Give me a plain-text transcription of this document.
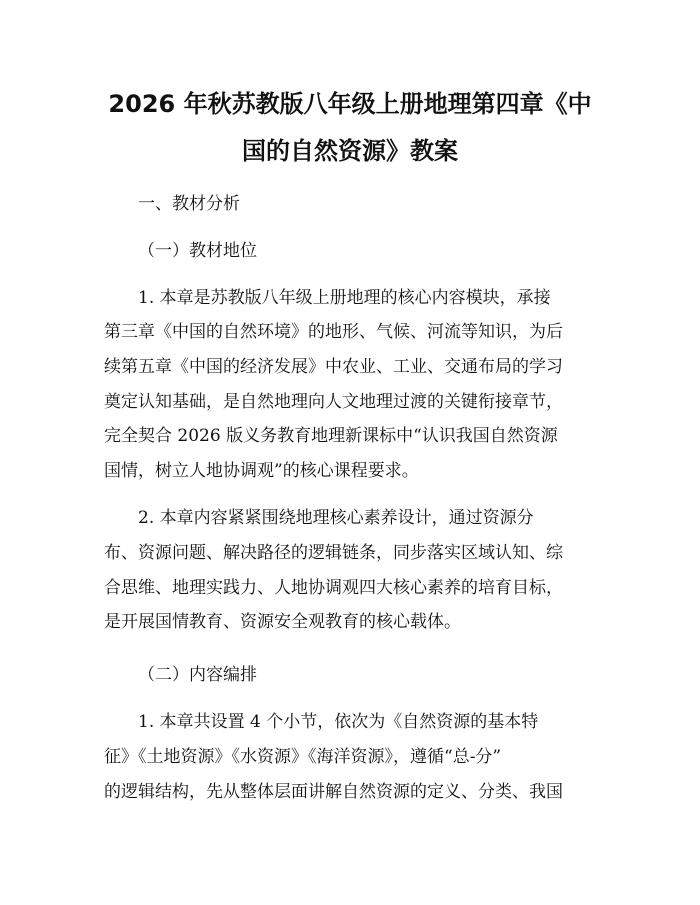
2026 年秋苏教版八年级上册地理第四章《中
国的自然资源》教案

一、教材分析

（一）教材地位

1. 本章是苏教版八年级上册地理的核心内容模块，承接

第三章《中国的自然环境》的地形、气候、河流等知识，为后

续第五章《中国的经济发展》中农业、工业、交通布局的学习

奠定认知基础，是自然地理向人文地理过渡的关键衔接章节，

完全契合 2026 版义务教育地理新课标中“认识我国自然资源

国情，树立人地协调观”的核心课程要求。

2. 本章内容紧紧围绕地理核心素养设计，通过资源分

布、资源问题、解决路径的逻辑链条，同步落实区域认知、综

合思维、地理实践力、人地协调观四大核心素养的培育目标，

是开展国情教育、资源安全观教育的核心载体。

（二）内容编排

1. 本章共设置 4 个小节，依次为《自然资源的基本特

征》《土地资源》《水资源》《海洋资源》，遵循“总-分”

的逻辑结构，先从整体层面讲解自然资源的定义、分类、我国
